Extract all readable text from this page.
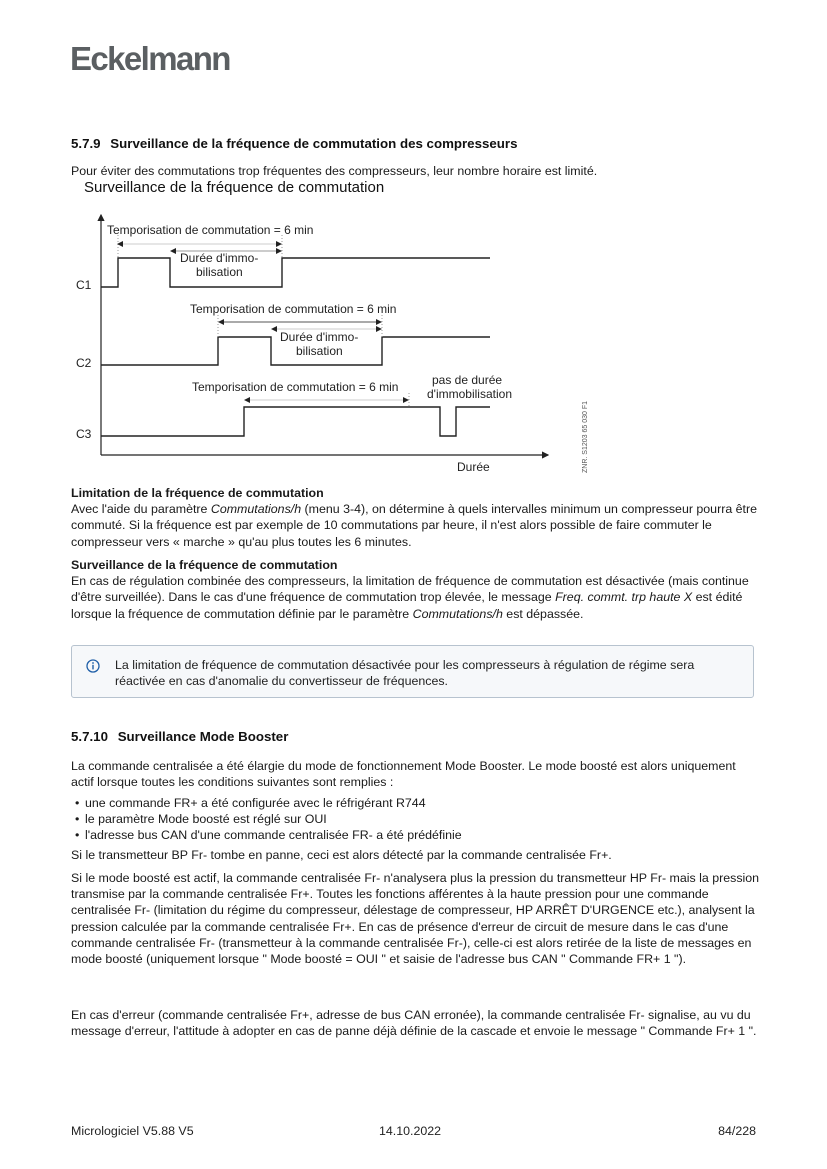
Eckelmann
5.7.9 Surveillance de la fréquence de commutation des compresseurs
Pour éviter des commutations trop fréquentes des compresseurs, leur nombre horaire est limité.
Surveillance de la fréquence de commutation
Temporisation de commutation = 6 min
Durée d'immo-
bilisation
C1
Temporisation de commutation = 6 min
Durée d'immo-
bilisation
C2
Temporisation de commutation = 6 min	pas de durée
d'immobilisation
C3
Durée	ZNR. S1203 65 030 F1
Limitation de la fréquence de commutation
Avec l'aide du paramètre Commutations/h (menu 3-4), on détermine à quels intervalles minimum un compresseur pourra être commuté. Si la fréquence est par exemple de 10 commutations par heure, il n'est alors possible de faire commuter le compresseur vers « marche » qu'au plus toutes les 6 minutes.
Surveillance de la fréquence de commutation
En cas de régulation combinée des compresseurs, la limitation de fréquence de commutation est désactivée (mais continue d'être surveillée). Dans le cas d'une fréquence de commutation trop élevée, le message Freq. commt. trp haute X est édité lorsque la fréquence de commutation définie par le paramètre Commutations/h est dépassée.
La limitation de fréquence de commutation désactivée pour les compresseurs à régulation de régime sera réactivée en cas d'anomalie du convertisseur de fréquences.
5.7.10 Surveillance Mode Booster
La commande centralisée a été élargie du mode de fonctionnement Mode Booster. Le mode boosté est alors uniquement actif lorsque toutes les conditions suivantes sont remplies :
• une commande FR+ a été configurée avec le réfrigérant R744
• le paramètre Mode boosté est réglé sur OUI
• l'adresse bus CAN d'une commande centralisée FR- a été prédéfinie
Si le transmetteur BP Fr- tombe en panne, ceci est alors détecté par la commande centralisée Fr+.
Si le mode boosté est actif, la commande centralisée Fr- n'analysera plus la pression du transmetteur HP Fr- mais la pression transmise par la commande centralisée Fr+. Toutes les fonctions afférentes à la haute pression pour une commande centralisée Fr- (limitation du régime du compresseur, délestage de compresseur, HP ARRÊT D'URGENCE etc.), analysent la pression calculée par la commande centralisée Fr+. En cas de présence d'erreur de circuit de mesure dans le cas d'une commande centralisée Fr- (transmetteur à la commande centralisée Fr-), celle-ci est alors retirée de la liste de messages en mode boosté (uniquement lorsque " Mode boosté = OUI " et saisie de l'adresse bus CAN " Commande FR+ 1 ").
En cas d'erreur (commande centralisée Fr+, adresse de bus CAN erronée), la commande centralisée Fr- signalise, au vu du message d'erreur, l'attitude à adopter en cas de panne déjà définie de la cascade et envoie le message " Commande Fr+ 1 ".
Micrologiciel V5.88 V5	14.10.2022	84/228
